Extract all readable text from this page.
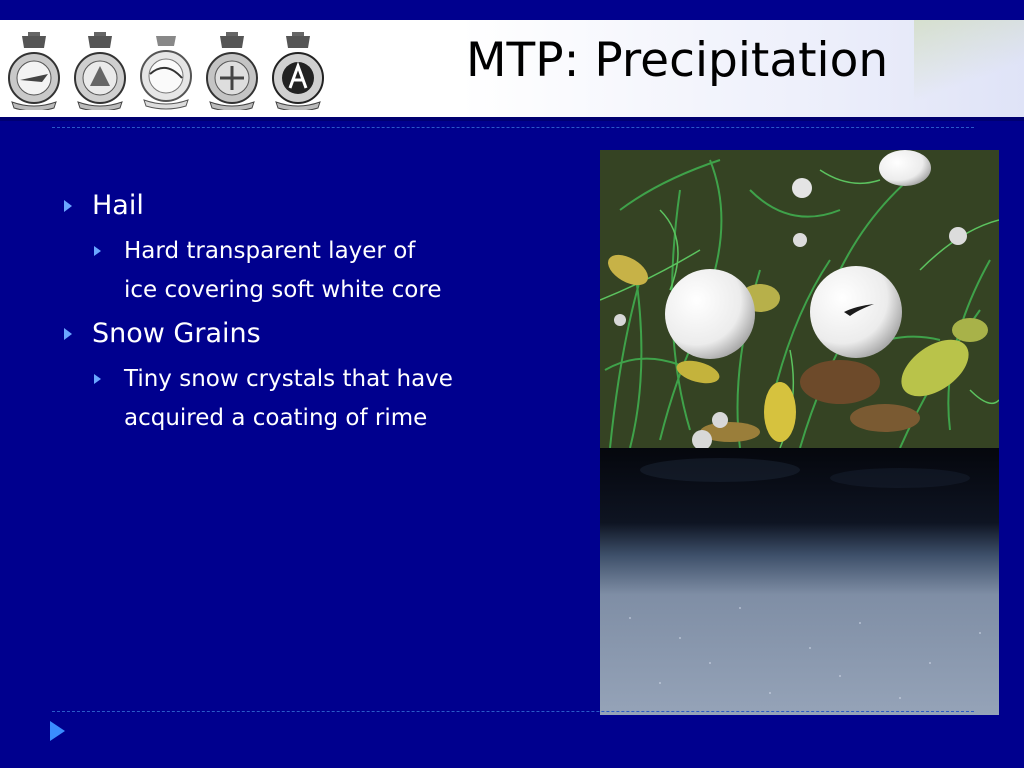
MTP: Precipitation
Hail
Hard transparent layer of ice covering soft white core
Snow Grains
Tiny snow crystals that have acquired a coating of rime
